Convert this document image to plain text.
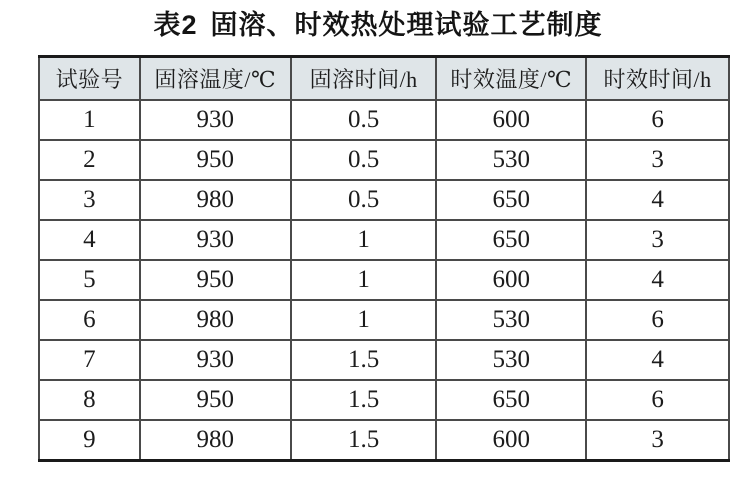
表2 固溶、时效热处理试验工艺制度
试验号	固溶温度/℃	固溶时间/h	时效温度/℃	时效时间/h
1	930	0.5	600	6
2	950	0.5	530	3
3	980	0.5	650	4
4	930	1	650	3
5	950	1	600	4
6	980	1	530	6
7	930	1.5	530	4
8	950	1.5	650	6
9	980	1.5	600	3
